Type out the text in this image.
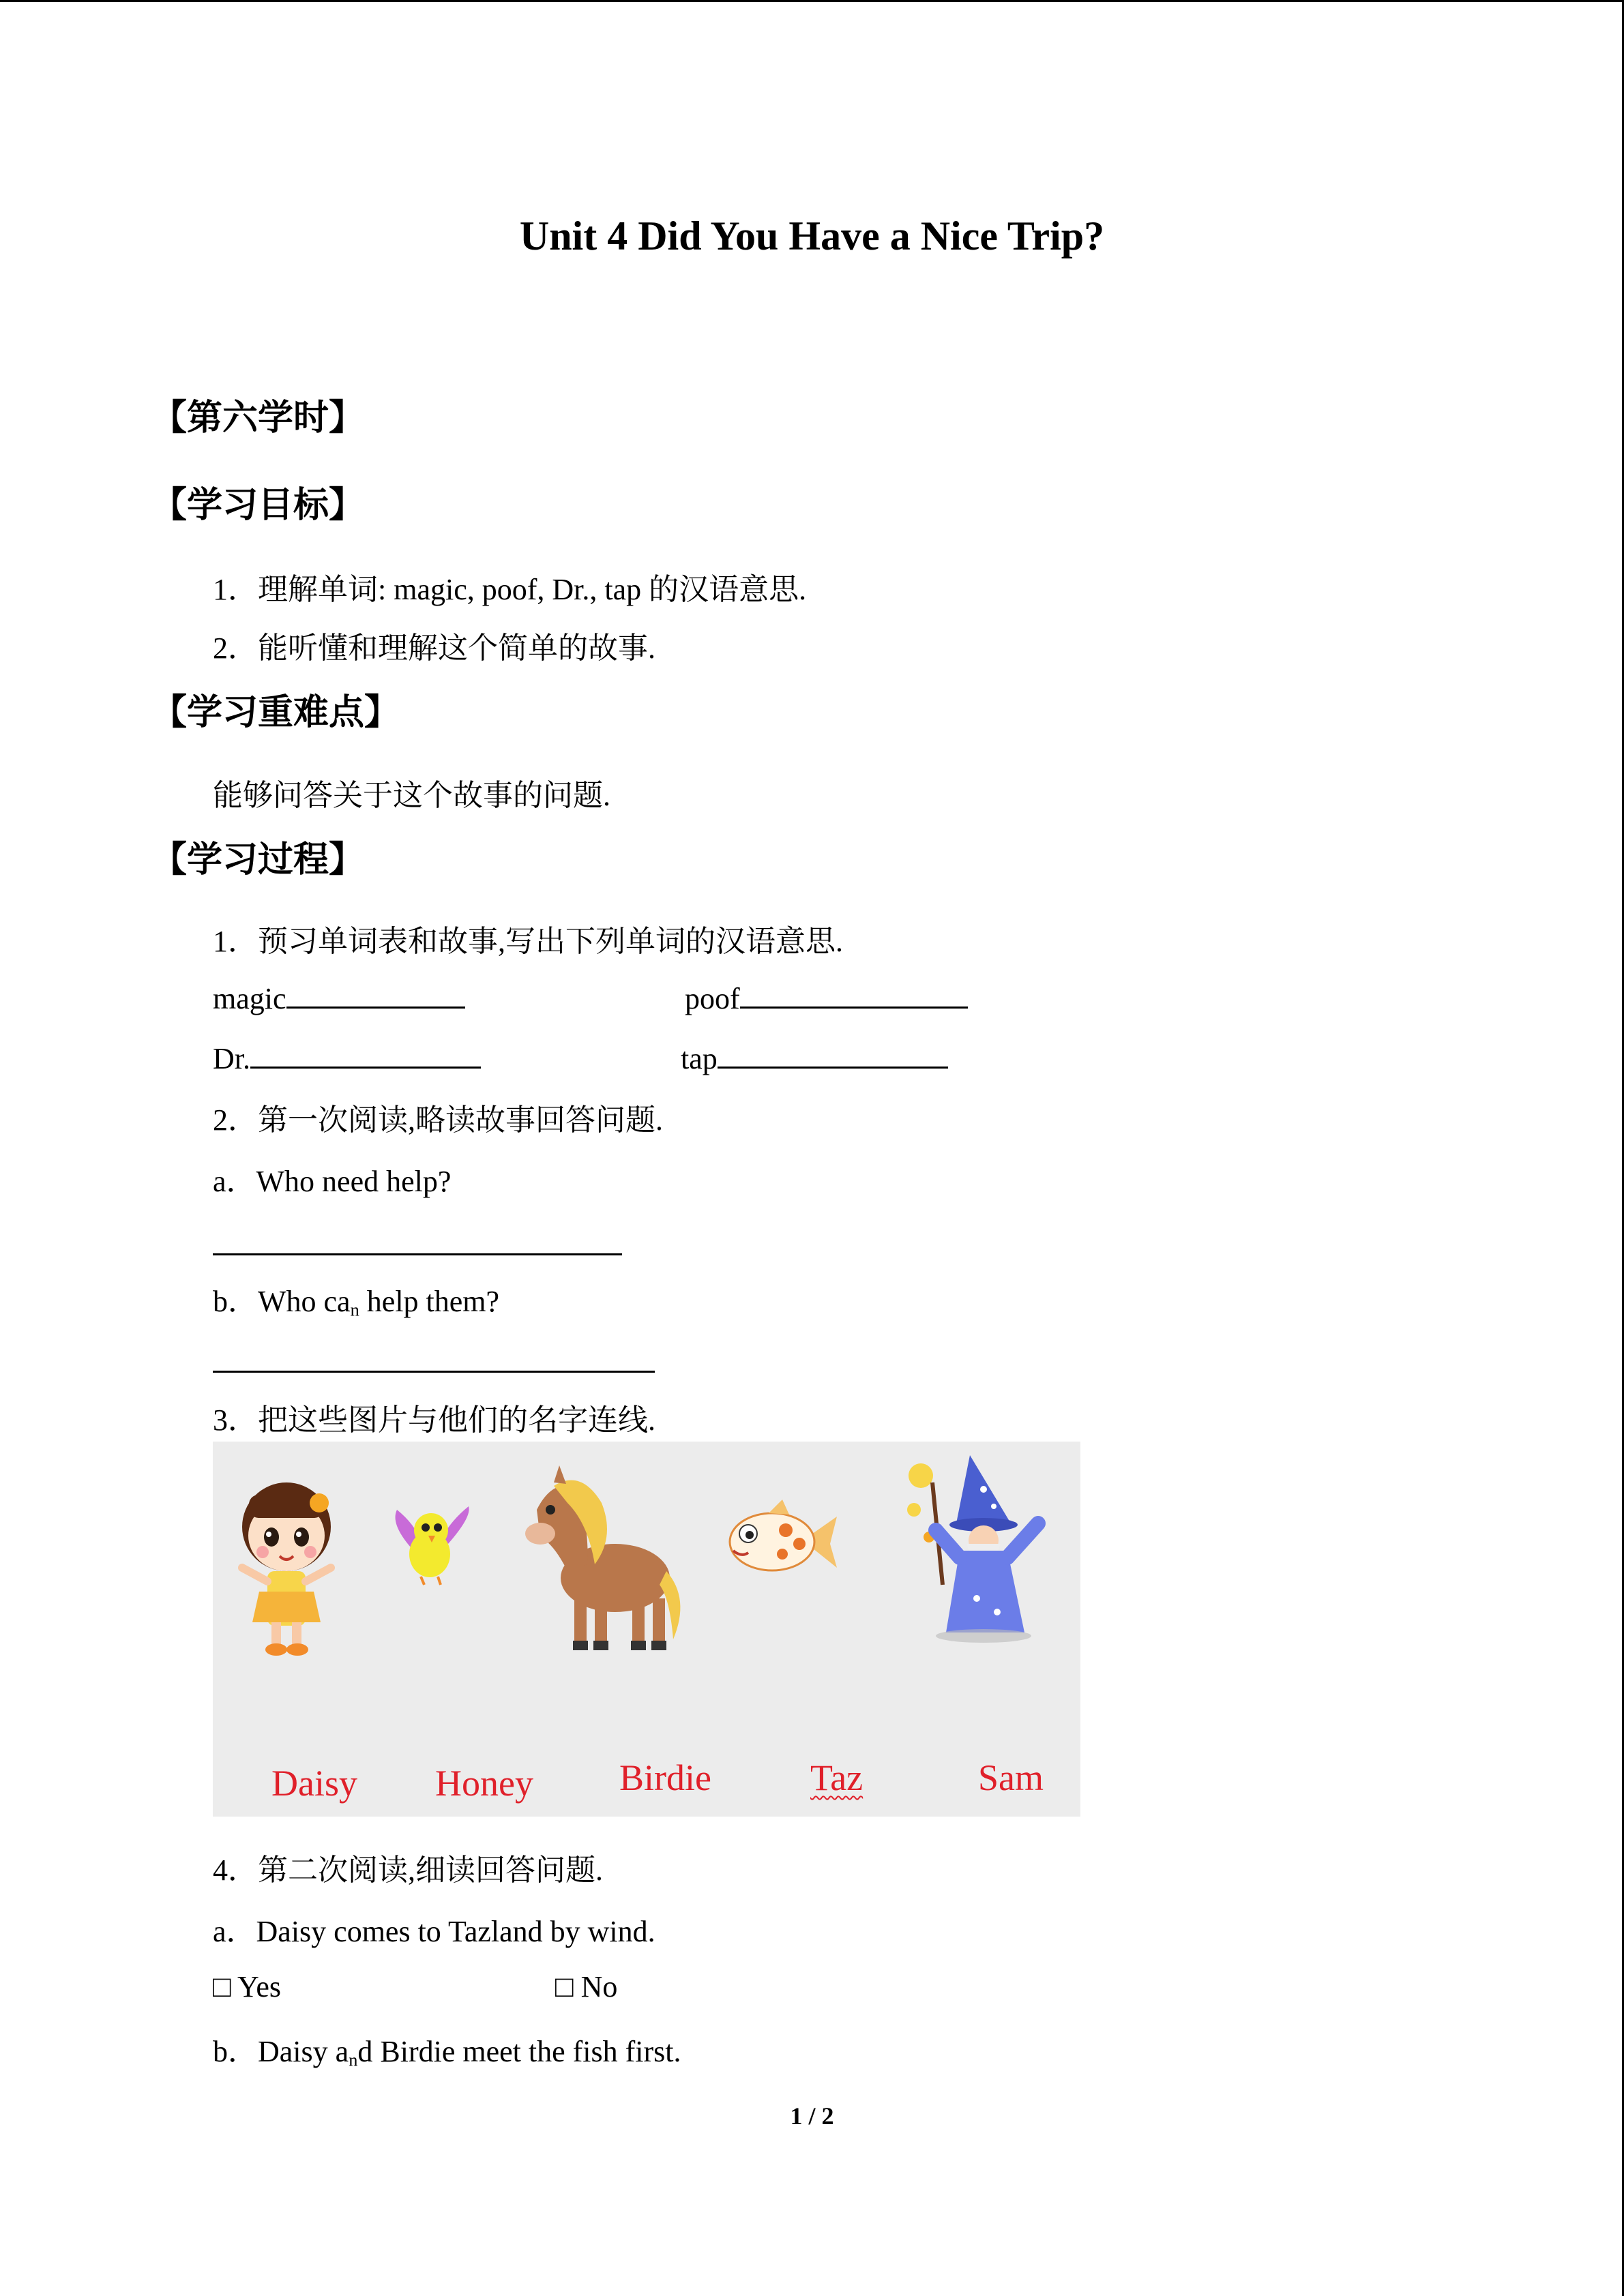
Unit 4 Did You Have a Nice Trip?
【第六学时】
【学习目标】
1．理解单词: magic, poof, Dr., tap 的汉语意思.
2．能听懂和理解这个简单的故事.
【学习重难点】
能够问答关于这个故事的问题.
【学习过程】
1．预习单词表和故事,写出下列单词的汉语意思.
magic	poof
Dr.	tap
2．第一次阅读,略读故事回答问题.
a．Who need help?
b．Who $ca_n$ help them?
3．把这些图片与他们的名字连线.
Daisy Honey Birdie	Taz	Sam
4．第二次阅读,细读回答问题.
a．Daisy comes to Tazland by wind.
□ Yes	□ No
b．Daisy $a_nd$ Birdie meet the fish first.
1 / 2
